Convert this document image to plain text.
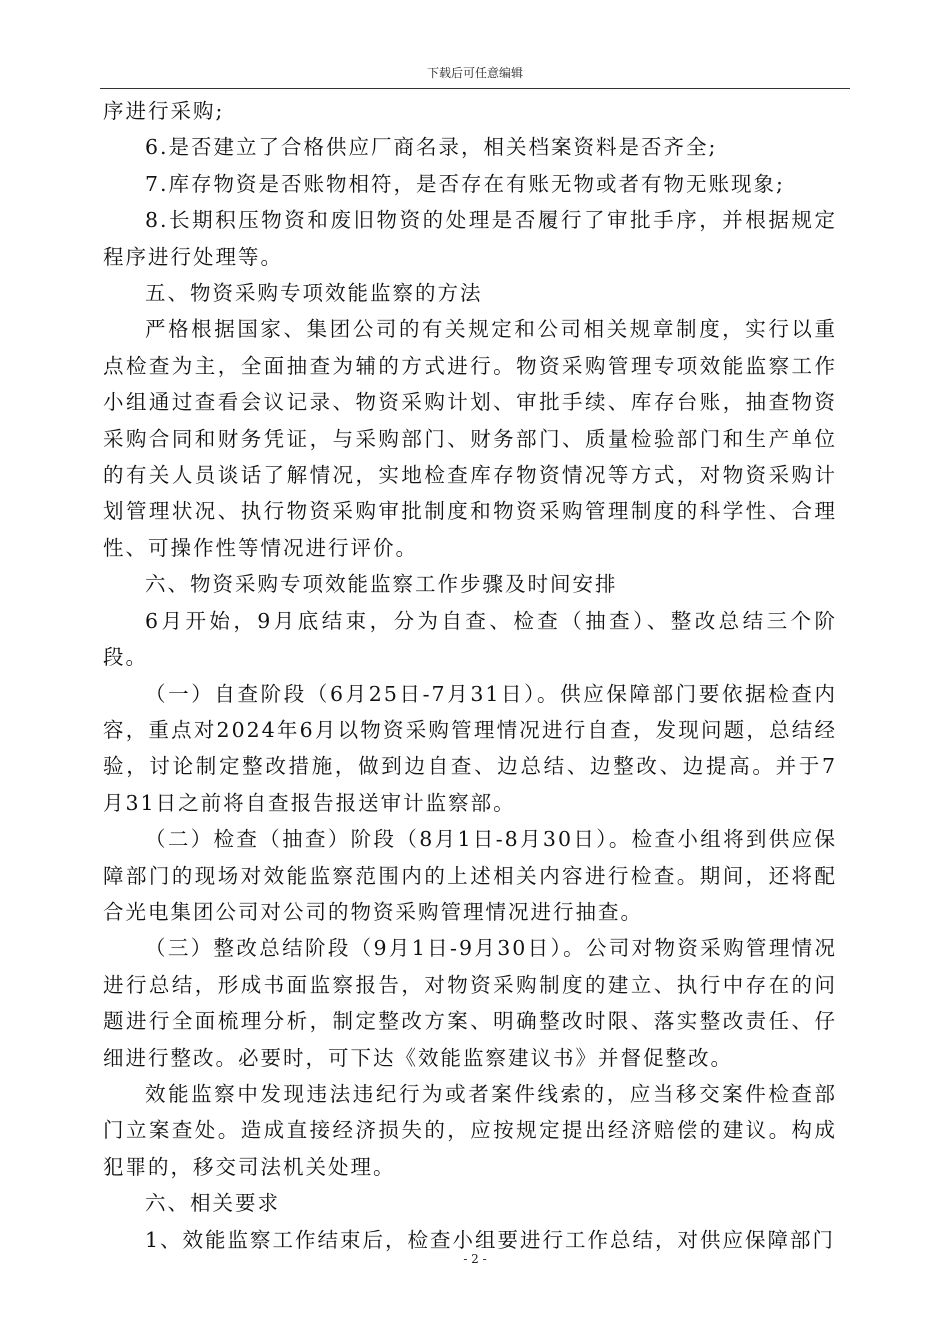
下载后可任意编辑

序进行采购;

6.是否建立了合格供应厂商名录，相关档案资料是否齐全;

7.库存物资是否账物相符，是否存在有账无物或者有物无账现象;

8.长期积压物资和废旧物资的处理是否履行了审批手序，并根据规定程序进行处理等。

五、物资采购专项效能监察的方法

严格根据国家、集团公司的有关规定和公司相关规章制度，实行以重点检查为主，全面抽查为辅的方式进行。物资采购管理专项效能监察工作小组通过查看会议记录、物资采购计划、审批手续、库存台账，抽查物资采购合同和财务凭证，与采购部门、财务部门、质量检验部门和生产单位的有关人员谈话了解情况，实地检查库存物资情况等方式，对物资采购计划管理状况、执行物资采购审批制度和物资采购管理制度的科学性、合理性、可操作性等情况进行评价。

六、物资采购专项效能监察工作步骤及时间安排

6月开始，9月底结束，分为自查、检查（抽查）、整改总结三个阶段。

（一）自查阶段（6月25日-7月31日）。供应保障部门要依据检查内容，重点对2024年6月以物资采购管理情况进行自查，发现问题，总结经验，讨论制定整改措施，做到边自查、边总结、边整改、边提高。并于7月31日之前将自查报告报送审计监察部。

（二）检查（抽查）阶段（8月1日-8月30日）。检查小组将到供应保障部门的现场对效能监察范围内的上述相关内容进行检查。期间，还将配合光电集团公司对公司的物资采购管理情况进行抽查。

（三）整改总结阶段（9月1日-9月30日）。公司对物资采购管理情况进行总结，形成书面监察报告，对物资采购制度的建立、执行中存在的问题进行全面梳理分析，制定整改方案、明确整改时限、落实整改责任、仔细进行整改。必要时，可下达《效能监察建议书》并督促整改。

效能监察中发现违法违纪行为或者案件线索的，应当移交案件检查部门立案查处。造成直接经济损失的，应按规定提出经济赔偿的建议。构成犯罪的，移交司法机关处理。

六、相关要求

1、效能监察工作结束后，检查小组要进行工作总结，对供应保障部门

- 2 -
